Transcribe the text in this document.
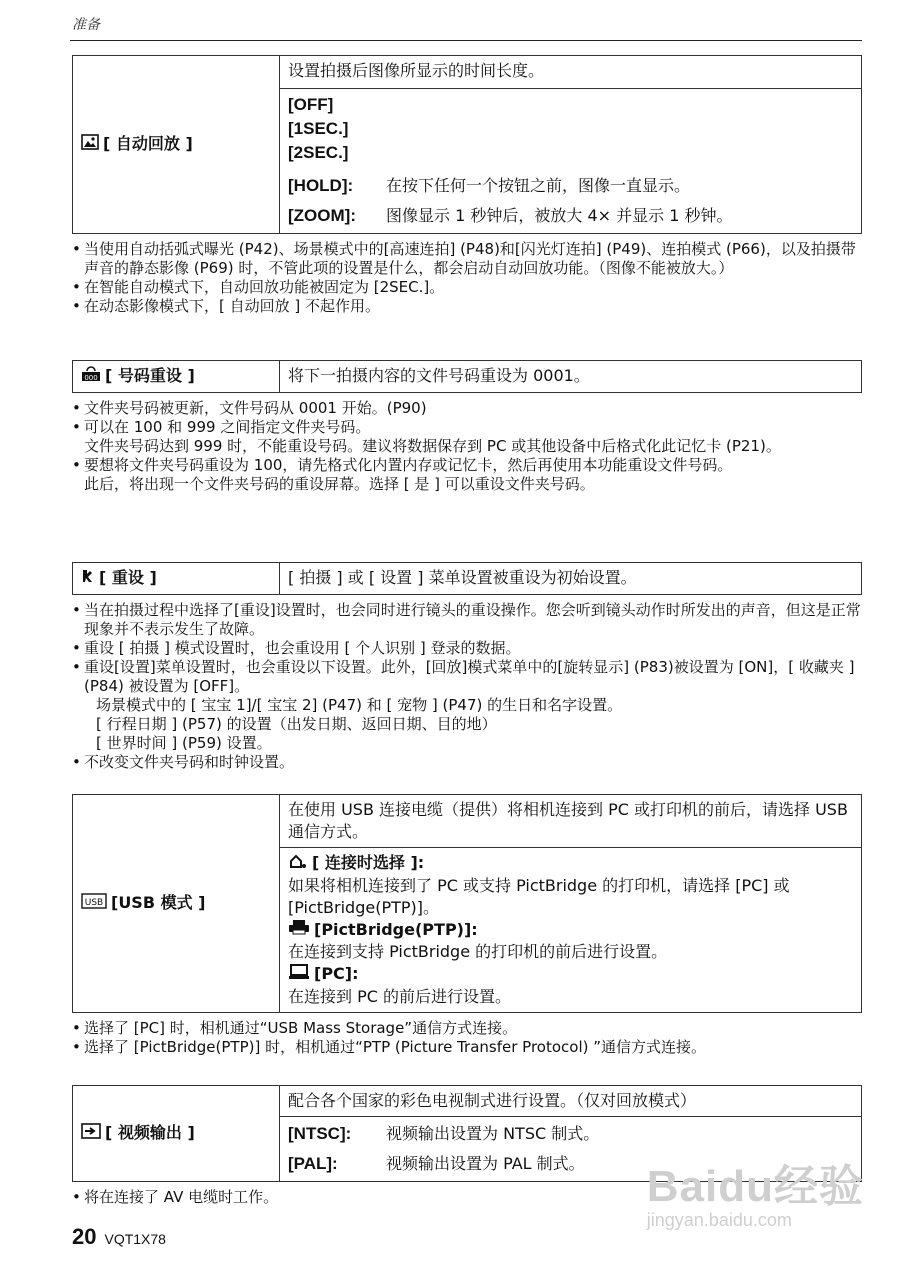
准备
[ 自动回放 ]	设置拍摄后图像所显示的时间长度。

[OFF]
[1SEC.]
[2SEC.]

[HOLD]:	在按下任何一个按钮之前，图像一直显示。
[ZOOM]:	图像显示 1 秒钟后，被放大 4× 并显示 1 秒钟。
• 当使用自动括弧式曝光 (P42)、场景模式中的[高速连拍] (P48)和[闪光灯连拍] (P49)、连拍模式 (P66)，以及拍摄带声音的静态影像 (P69) 时，不管此项的设置是什么，都会启动自动回放功能。（图像不能被放大。）
• 在智能自动模式下，自动回放功能被固定为 [2SEC.]。
• 在动态影像模式下，[ 自动回放 ] 不起作用。
000 [ 号码重设 ]	将下一拍摄内容的文件号码重设为 0001。
• 文件夹号码被更新，文件号码从 0001 开始。(P90)
• 可以在 100 和 999 之间指定文件夹号码。
文件夹号码达到 999 时，不能重设号码。建议将数据保存到 PC 或其他设备中后格式化此记忆卡 (P21)。
• 要想将文件夹号码重设为 100，请先格式化内置内存或记忆卡，然后再使用本功能重设文件号码。
此后，将出现一个文件夹号码的重设屏幕。选择 [ 是 ] 可以重设文件夹号码。
[ 重设 ]	[ 拍摄 ] 或 [ 设置 ] 菜单设置被重设为初始设置。
• 当在拍摄过程中选择了[重设]设置时，也会同时进行镜头的重设操作。您会听到镜头动作时所发出的声音，但这是正常现象并不表示发生了故障。
• 重设 [ 拍摄 ] 模式设置时，也会重设用 [ 个人识别 ] 登录的数据。
• 重设[设置]菜单设置时，也会重设以下设置。此外，[回放]模式菜单中的[旋转显示] (P83)被设置为 [ON]，[ 收藏夹 ] (P84) 被设置为 [OFF]。
场景模式中的 [ 宝宝 1]/[ 宝宝 2] (P47) 和 [ 宠物 ] (P47) 的生日和名字设置。
[ 行程日期 ] (P57) 的设置（出发日期、返回日期、目的地）
[ 世界时间 ] (P59) 设置。
• 不改变文件夹号码和时钟设置。
USB [USB 模式 ]	在使用 USB 连接电缆（提供）将相机连接到 PC 或打印机的前后，请选择 USB 通信方式。

[ 连接时选择 ]:
如果将相机连接到了 PC 或支持 PictBridge 的打印机，请选择 [PC] 或 [PictBridge(PTP)]。
[PictBridge(PTP)]:
在连接到支持 PictBridge 的打印机的前后进行设置。
[PC]:
在连接到 PC 的前后进行设置。
• 选择了 [PC] 时，相机通过“USB Mass Storage”通信方式连接。
• 选择了 [PictBridge(PTP)] 时，相机通过“PTP (Picture Transfer Protocol) ”通信方式连接。
[ 视频输出 ]	配合各个国家的彩色电视制式进行设置。（仅对回放模式）

[NTSC]:	视频输出设置为 NTSC 制式。
[PAL]:	视频输出设置为 PAL 制式。
• 将在连接了 AV 电缆时工作。
20 VQT1X78
Baidu经验
jingyan.baidu.com
